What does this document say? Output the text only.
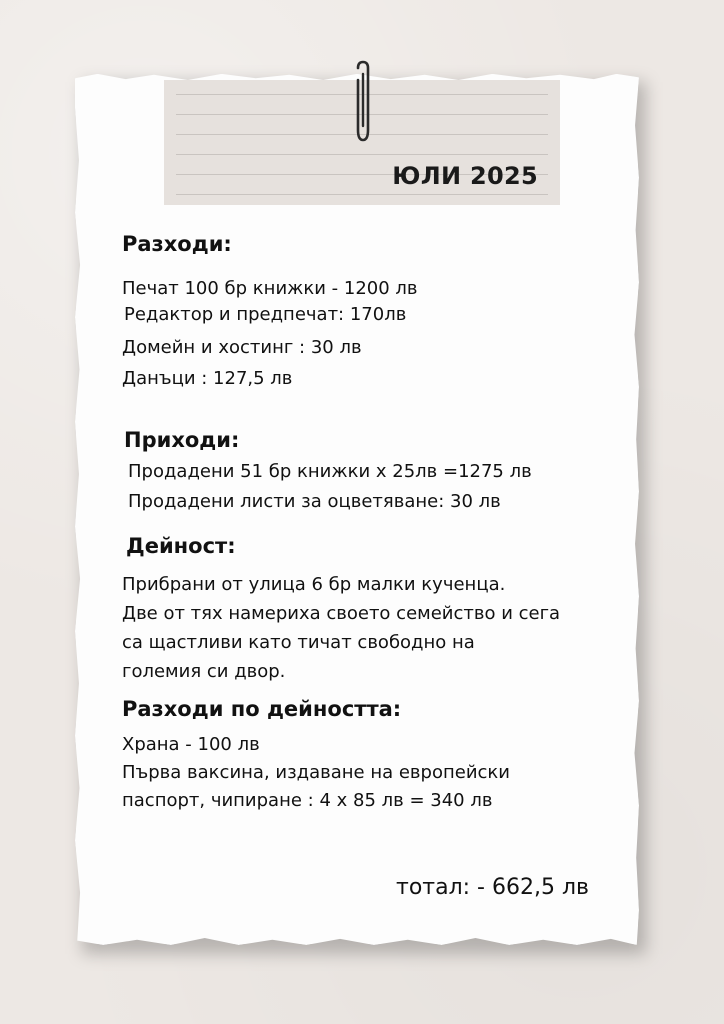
ЮЛИ 2025
Разходи:
Печат 100 бр книжки - 1200 лв
Редактор и предпечат: 170лв
Домейн и хостинг : 30 лв
Данъци : 127,5 лв
Приходи:
Продадени 51 бр книжки х 25лв =1275 лв
Продадени листи за оцветяване: 30 лв
Дейност:
Прибрани от улица 6 бр малки кученца.
Две от тях намериха своето семейство и сега
са щастливи като тичат свободно на
големия си двор.
Разходи по дейността:
Храна - 100 лв
Първа ваксина, издаване на европейски
паспорт, чипиране : 4 х 85 лв = 340 лв
тотал: - 662,5 лв
